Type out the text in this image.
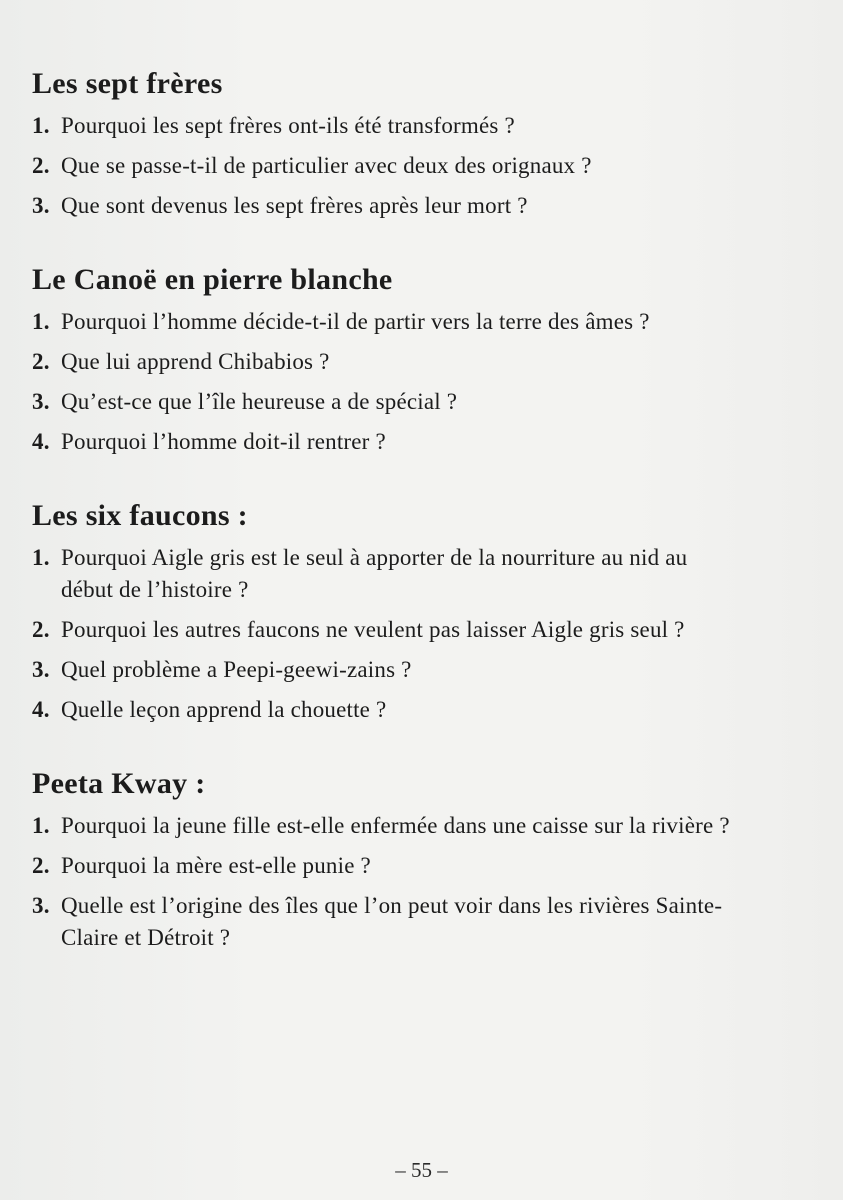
Les sept frères
1. Pourquoi les sept frères ont-ils été transformés ?
2. Que se passe-t-il de particulier avec deux des orignaux ?
3. Que sont devenus les sept frères après leur mort ?
Le Canoë en pierre blanche
1. Pourquoi l’homme décide-t-il de partir vers la terre des âmes ?
2. Que lui apprend Chibabios ?
3. Qu’est-ce que l’île heureuse a de spécial ?
4. Pourquoi l’homme doit-il rentrer ?
Les six faucons :
1. Pourquoi Aigle gris est le seul à apporter de la nourriture au nid au début de l’histoire ?
2. Pourquoi les autres faucons ne veulent pas laisser Aigle gris seul ?
3. Quel problème a Peepi-geewi-zains ?
4. Quelle leçon apprend la chouette ?
Peeta Kway :
1. Pourquoi la jeune fille est-elle enfermée dans une caisse sur la rivière ?
2. Pourquoi la mère est-elle punie ?
3. Quelle est l’origine des îles que l’on peut voir dans les rivières Sainte-Claire et Détroit ?
– 55 –
